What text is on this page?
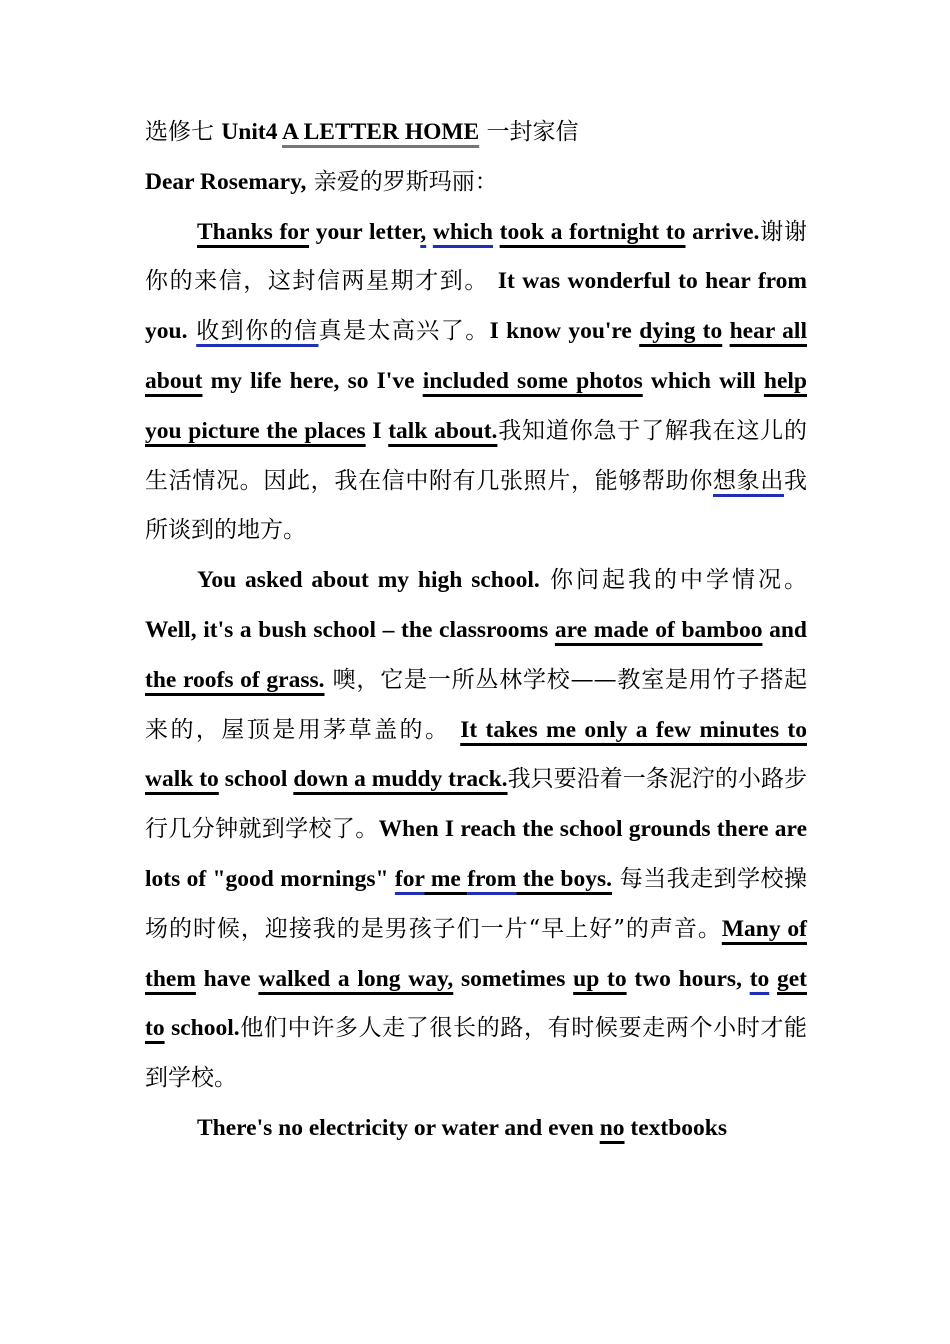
选修七 Unit4 A LETTER HOME 一封家信

Dear Rosemary, 亲爱的罗斯玛丽：

Thanks for your letter, which took a fortnight to arrive.谢谢你的来信，这封信两星期才到。 It was wonderful to hear from you. 收到你的信真是太高兴了。I know you're dying to hear all about my life here, so I've included some photos which will help you picture the places I talk about.我知道你急于了解我在这儿的生活情况。因此，我在信中附有几张照片，能够帮助你想象出我所谈到的地方。

You asked about my high school. 你问起我的中学情况。Well, it's a bush school – the classrooms are made of bamboo and the roofs of grass. 噢，它是一所丛林学校——教室是用竹子搭起来的，屋顶是用茅草盖的。 It takes me only a few minutes to walk to school down a muddy track.我只要沿着一条泥泞的小路步行几分钟就到学校了。When I reach the school grounds there are lots of "good mornings" for me from the boys. 每当我走到学校操场的时候，迎接我的是男孩子们一片“早上好”的声音。Many of them have walked a long way, sometimes up to two hours, to get to school.他们中许多人走了很长的路，有时候要走两个小时才能到学校。

There's no electricity or water and even no textbooks
